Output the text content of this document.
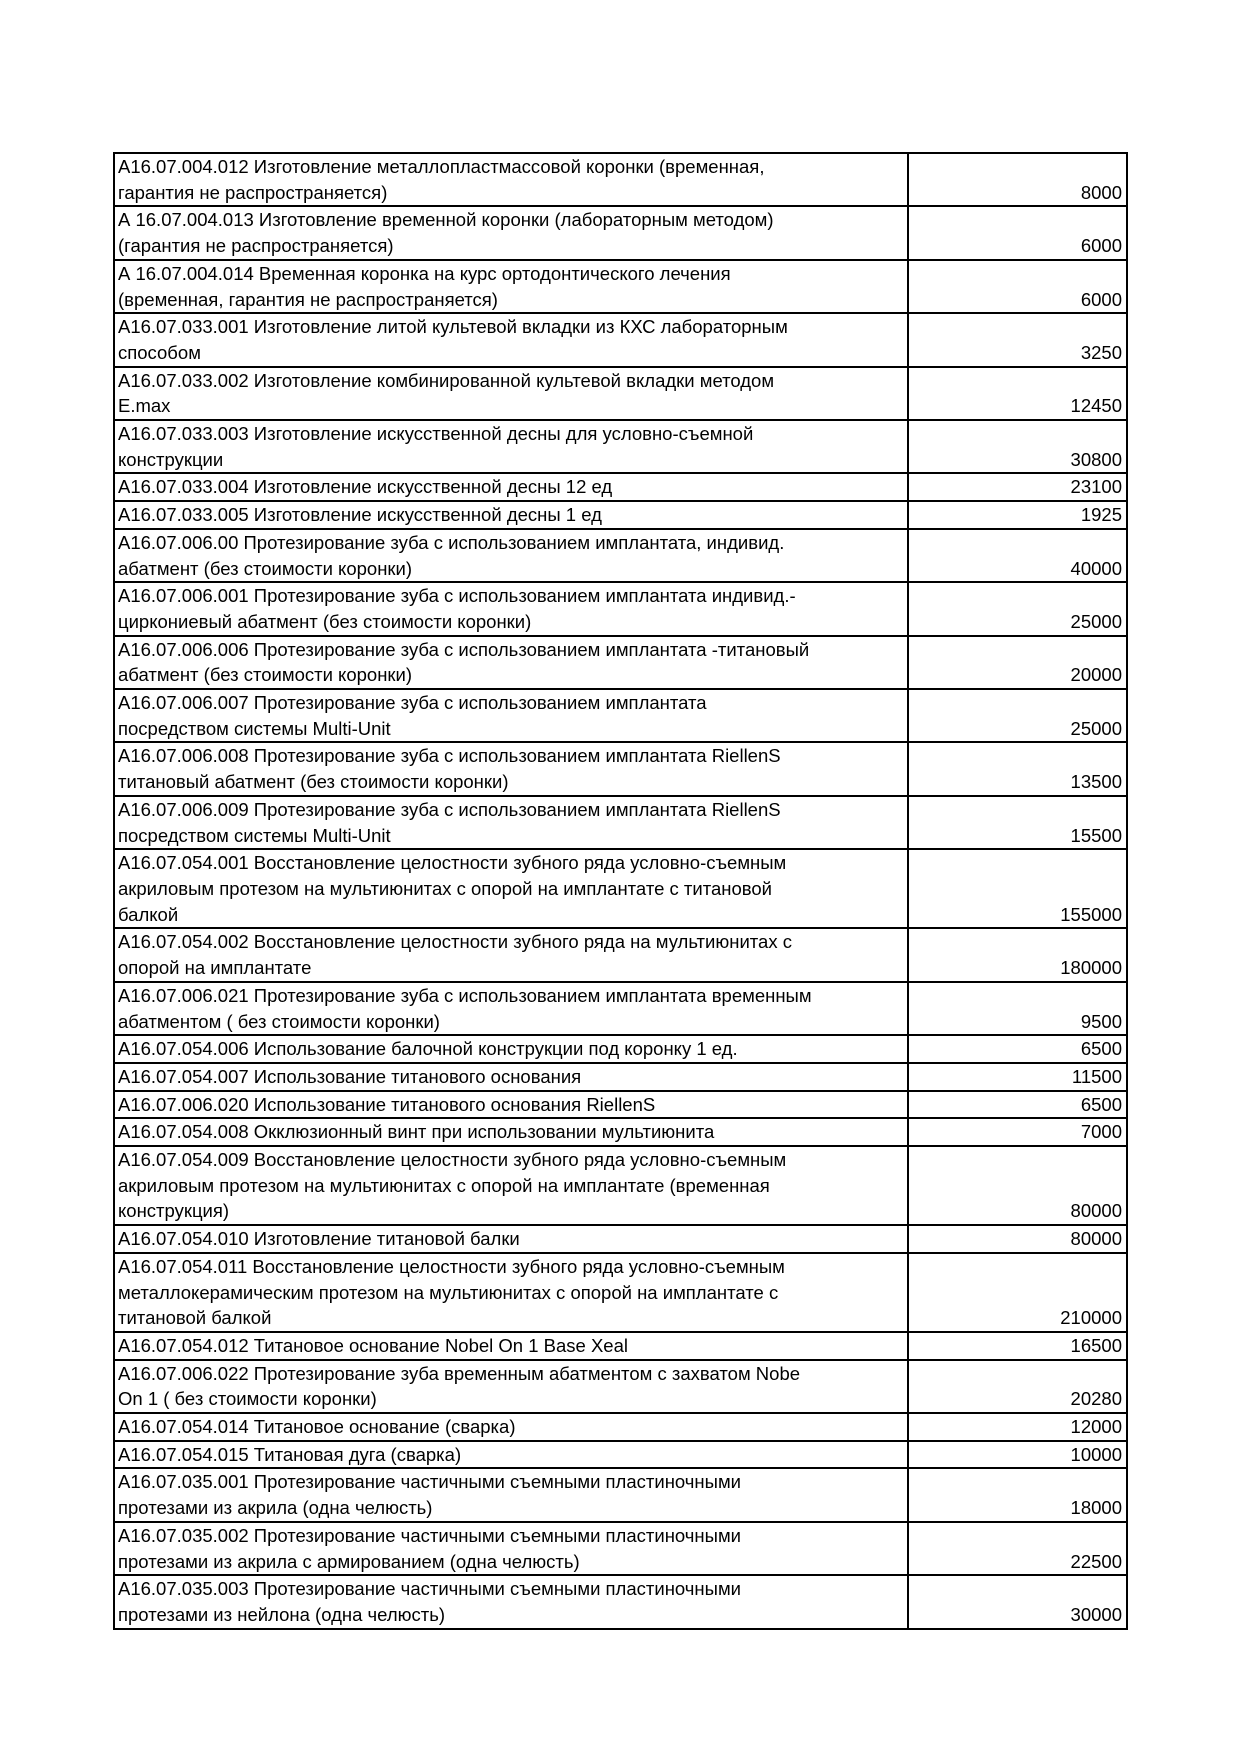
А16.07.004.012 Изготовление металлопластмассовой коронки (временная,
гарантия не распространяется)	8000
А 16.07.004.013 Изготовление временной коронки (лабораторным методом)
(гарантия не распространяется)	6000
А 16.07.004.014 Временная коронка на курс ортодонтического лечения
(временная, гарантия не распространяется)	6000
А16.07.033.001 Изготовление литой культевой вкладки из КХС лабораторным
способом	3250
А16.07.033.002 Изготовление комбинированной культевой вкладки методом
E.max	12450
А16.07.033.003 Изготовление искусственной десны для условно-съемной
конструкции	30800
А16.07.033.004 Изготовление искусственной десны 12 ед	23100
А16.07.033.005 Изготовление искусственной десны 1 ед	1925
А16.07.006.00 Протезирование зуба с использованием имплантата, индивид.
абатмент (без стоимости коронки)	40000
А16.07.006.001 Протезирование зуба с использованием имплантата индивид.-
циркониевый абатмент (без стоимости коронки)	25000
А16.07.006.006 Протезирование зуба с использованием имплантата -титановый
абатмент (без стоимости коронки)	20000
А16.07.006.007 Протезирование зуба с использованием имплантата
посредством системы Multi-Unit	25000
А16.07.006.008 Протезирование зуба с использованием имплантата RiellenS
титановый абатмент (без стоимости коронки)	13500
А16.07.006.009 Протезирование зуба с использованием имплантата RiellenS
посредством системы Multi-Unit	15500
А16.07.054.001 Восстановление целостности зубного ряда условно-съемным
акриловым протезом на мультиюнитах с опорой на имплантате с титановой
балкой	155000
А16.07.054.002 Восстановление целостности зубного ряда на мультиюнитах с
опорой на имплантате	180000
А16.07.006.021 Протезирование зуба с использованием имплантата временным
абатментом ( без стоимости коронки)	9500
А16.07.054.006 Использование балочной конструкции под коронку 1 ед.	6500
А16.07.054.007 Использование титанового основания	11500
А16.07.006.020 Использование титанового основания RiellenS	6500
А16.07.054.008 Окклюзионный винт при использовании мультиюнита	7000
А16.07.054.009 Восстановление целостности зубного ряда условно-съемным
акриловым протезом на мультиюнитах с опорой на имплантате (временная
конструкция)	80000
А16.07.054.010 Изготовление титановой балки	80000
А16.07.054.011 Восстановление целостности зубного ряда условно-съемным
металлокерамическим протезом на мультиюнитах с опорой на имплантате с
титановой балкой	210000
А16.07.054.012 Титановое основание Nobel On 1 Base Xeal	16500
А16.07.006.022 Протезирование зуба временным абатментом с захватом Nobe
On 1 ( без стоимости коронки)	20280
А16.07.054.014 Титановое основание (сварка)	12000
А16.07.054.015 Титановая дуга (сварка)	10000
А16.07.035.001 Протезирование частичными съемными пластиночными
протезами из акрила (одна челюсть)	18000
А16.07.035.002 Протезирование частичными съемными пластиночными
протезами из акрила с армированием (одна челюсть)	22500
А16.07.035.003 Протезирование частичными съемными пластиночными
протезами из нейлона (одна челюсть)	30000
